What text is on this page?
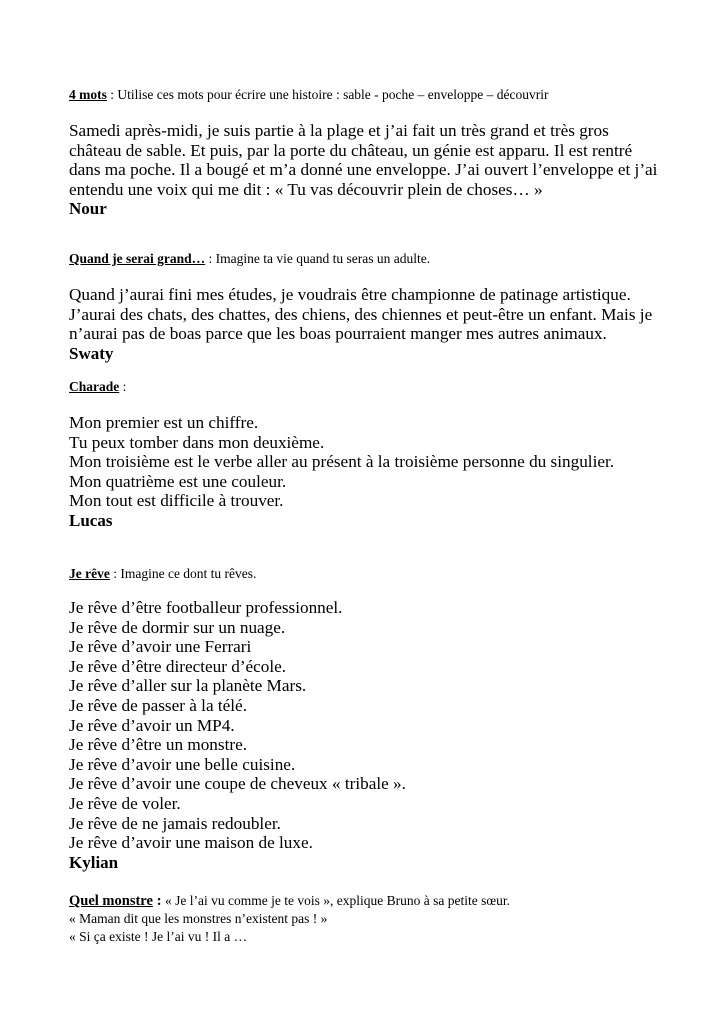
4 mots : Utilise ces mots pour écrire une histoire : sable - poche – enveloppe – découvrir
Samedi après-midi, je suis partie à la plage et j’ai fait un très grand et très gros
château de sable. Et puis, par la porte du château, un génie est apparu. Il est rentré
dans ma poche. Il a bougé et m’a donné une enveloppe. J’ai ouvert l’enveloppe et j’ai
entendu une voix qui me dit : « Tu vas découvrir plein de choses… »
Nour
Quand je serai grand… : Imagine ta vie quand tu seras un adulte.
Quand j’aurai fini mes études, je voudrais être championne de patinage artistique.
J’aurai des chats, des chattes, des chiens, des chiennes et peut-être un enfant. Mais je
n’aurai pas de boas parce que les boas pourraient manger mes autres animaux.
Swaty
Charade :
Mon premier est un chiffre.
Tu peux tomber dans mon deuxième.
Mon troisième est le verbe aller au présent à la troisième personne du singulier.
Mon quatrième est une couleur.
Mon tout est difficile à trouver.
Lucas
Je rêve : Imagine ce dont tu rêves.
Je rêve d’être footballeur professionnel.
Je rêve de dormir sur un nuage.
Je rêve d’avoir une Ferrari
Je rêve d’être directeur d’école.
Je rêve d’aller sur la planète Mars.
Je rêve de passer à la télé.
Je rêve d’avoir un MP4.
Je rêve d’être un monstre.
Je rêve d’avoir une belle cuisine.
Je rêve d’avoir une coupe de cheveux « tribale ».
Je rêve de voler.
Je rêve de ne jamais redoubler.
Je rêve d’avoir une maison de luxe.
Kylian
Quel monstre : « Je l’ai vu comme je te vois », explique Bruno à sa petite sœur.
« Maman dit que les monstres n’existent pas ! »
« Si ça existe ! Je l’ai vu ! Il a …
